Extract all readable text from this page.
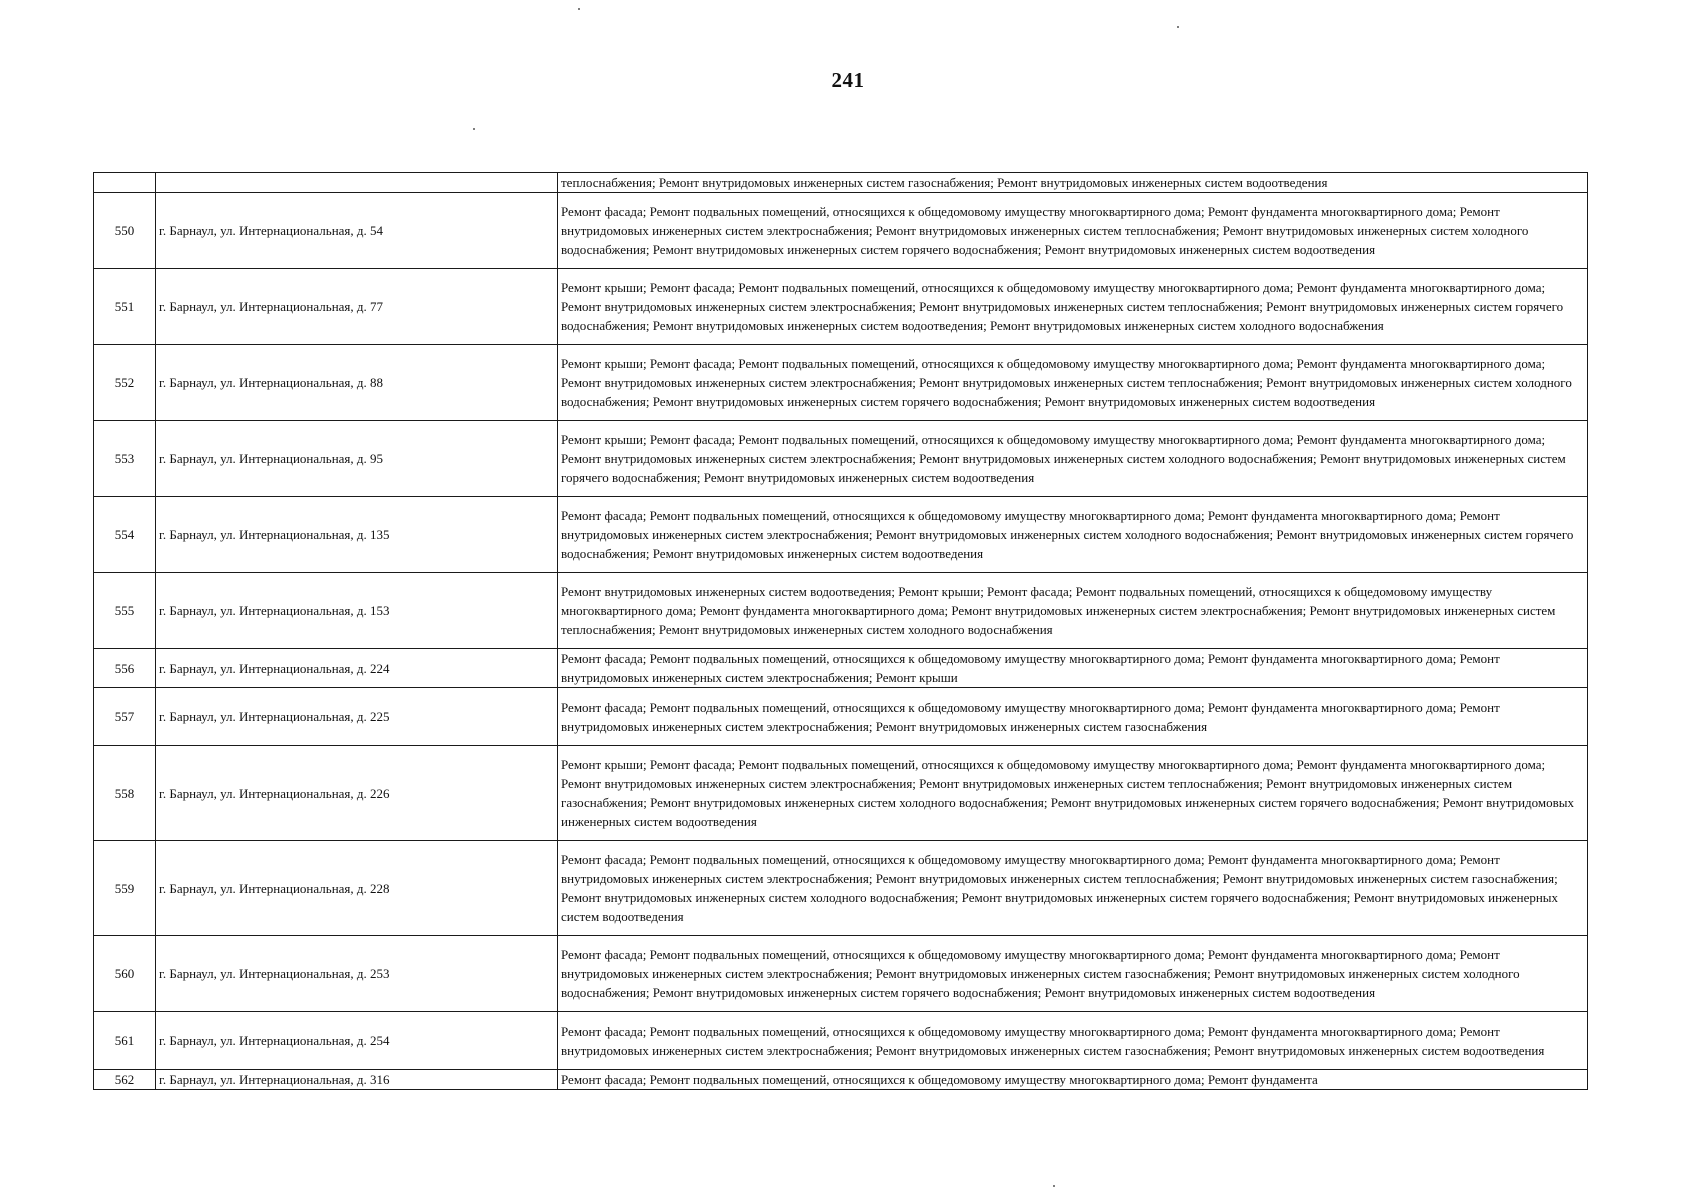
241
		теплоснабжения; Ремонт внутридомовых инженерных систем газоснабжения; Ремонт внутридомовых инженерных систем водоотведения
550	г. Барнаул, ул. Интернациональная, д. 54	Ремонт фасада; Ремонт подвальных помещений, относящихся к общедомовому имуществу многоквартирного дома; Ремонт фундамента многоквартирного дома; Ремонт внутридомовых инженерных систем электроснабжения; Ремонт внутридомовых инженерных систем теплоснабжения; Ремонт внутридомовых инженерных систем холодного водоснабжения; Ремонт внутридомовых инженерных систем горячего водоснабжения; Ремонт внутридомовых инженерных систем водоотведения
551	г. Барнаул, ул. Интернациональная, д. 77	Ремонт крыши; Ремонт фасада; Ремонт подвальных помещений, относящихся к общедомовому имуществу многоквартирного дома; Ремонт фундамента многоквартирного дома; Ремонт внутридомовых инженерных систем электроснабжения; Ремонт внутридомовых инженерных систем теплоснабжения; Ремонт внутридомовых инженерных систем горячего водоснабжения; Ремонт внутридомовых инженерных систем водоотведения; Ремонт внутридомовых инженерных систем холодного водоснабжения
552	г. Барнаул, ул. Интернациональная, д. 88	Ремонт крыши; Ремонт фасада; Ремонт подвальных помещений, относящихся к общедомовому имуществу многоквартирного дома; Ремонт фундамента многоквартирного дома; Ремонт внутридомовых инженерных систем электроснабжения; Ремонт внутридомовых инженерных систем теплоснабжения; Ремонт внутридомовых инженерных систем холодного водоснабжения; Ремонт внутридомовых инженерных систем горячего водоснабжения; Ремонт внутридомовых инженерных систем водоотведения
553	г. Барнаул, ул. Интернациональная, д. 95	Ремонт крыши; Ремонт фасада; Ремонт подвальных помещений, относящихся к общедомовому имуществу многоквартирного дома; Ремонт фундамента многоквартирного дома; Ремонт внутридомовых инженерных систем электроснабжения; Ремонт внутридомовых инженерных систем холодного водоснабжения; Ремонт внутридомовых инженерных систем горячего водоснабжения; Ремонт внутридомовых инженерных систем водоотведения
554	г. Барнаул, ул. Интернациональная, д. 135	Ремонт фасада; Ремонт подвальных помещений, относящихся к общедомовому имуществу многоквартирного дома; Ремонт фундамента многоквартирного дома; Ремонт внутридомовых инженерных систем электроснабжения; Ремонт внутридомовых инженерных систем холодного водоснабжения; Ремонт внутридомовых инженерных систем горячего водоснабжения; Ремонт внутридомовых инженерных систем водоотведения
555	г. Барнаул, ул. Интернациональная, д. 153	Ремонт внутридомовых инженерных систем водоотведения; Ремонт крыши; Ремонт фасада; Ремонт подвальных помещений, относящихся к общедомовому имуществу многоквартирного дома; Ремонт фундамента многоквартирного дома; Ремонт внутридомовых инженерных систем электроснабжения; Ремонт внутридомовых инженерных систем теплоснабжения; Ремонт внутридомовых инженерных систем холодного водоснабжения
556	г. Барнаул, ул. Интернациональная, д. 224	Ремонт фасада; Ремонт подвальных помещений, относящихся к общедомовому имуществу многоквартирного дома; Ремонт фундамента многоквартирного дома; Ремонт внутридомовых инженерных систем электроснабжения; Ремонт крыши
557	г. Барнаул, ул. Интернациональная, д. 225	Ремонт фасада; Ремонт подвальных помещений, относящихся к общедомовому имуществу многоквартирного дома; Ремонт фундамента многоквартирного дома; Ремонт внутридомовых инженерных систем электроснабжения; Ремонт внутридомовых инженерных систем газоснабжения
558	г. Барнаул, ул. Интернациональная, д. 226	Ремонт крыши; Ремонт фасада; Ремонт подвальных помещений, относящихся к общедомовому имуществу многоквартирного дома; Ремонт фундамента многоквартирного дома; Ремонт внутридомовых инженерных систем электроснабжения; Ремонт внутридомовых инженерных систем теплоснабжения; Ремонт внутридомовых инженерных систем газоснабжения; Ремонт внутридомовых инженерных систем холодного водоснабжения; Ремонт внутридомовых инженерных систем горячего водоснабжения; Ремонт внутридомовых инженерных систем водоотведения
559	г. Барнаул, ул. Интернациональная, д. 228	Ремонт фасада; Ремонт подвальных помещений, относящихся к общедомовому имуществу многоквартирного дома; Ремонт фундамента многоквартирного дома; Ремонт внутридомовых инженерных систем электроснабжения; Ремонт внутридомовых инженерных систем теплоснабжения; Ремонт внутридомовых инженерных систем газоснабжения; Ремонт внутридомовых инженерных систем холодного водоснабжения; Ремонт внутридомовых инженерных систем горячего водоснабжения; Ремонт внутридомовых инженерных систем водоотведения
560	г. Барнаул, ул. Интернациональная, д. 253	Ремонт фасада; Ремонт подвальных помещений, относящихся к общедомовому имуществу многоквартирного дома; Ремонт фундамента многоквартирного дома; Ремонт внутридомовых инженерных систем электроснабжения; Ремонт внутридомовых инженерных систем газоснабжения; Ремонт внутридомовых инженерных систем холодного водоснабжения; Ремонт внутридомовых инженерных систем горячего водоснабжения; Ремонт внутридомовых инженерных систем водоотведения
561	г. Барнаул, ул. Интернациональная, д. 254	Ремонт фасада; Ремонт подвальных помещений, относящихся к общедомовому имуществу многоквартирного дома; Ремонт фундамента многоквартирного дома; Ремонт внутридомовых инженерных систем электроснабжения; Ремонт внутридомовых инженерных систем газоснабжения; Ремонт внутридомовых инженерных систем водоотведения
562	г. Барнаул, ул. Интернациональная, д. 316	Ремонт фасада; Ремонт подвальных помещений, относящихся к общедомовому имуществу многоквартирного дома; Ремонт фундамента
